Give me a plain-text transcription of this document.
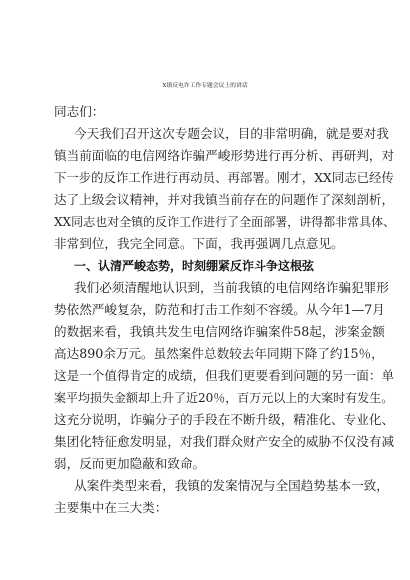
X镇反电诈工作专题会议上的讲话
同志们：
今天我们召开这次专题会议，目的非常明确，就是要对我
镇当前面临的电信网络诈骗严峻形势进行再分析、再研判，对
下一步的反诈工作进行再动员、再部署。刚才，XX同志已经传
达了上级会议精神，并对我镇当前存在的问题作了深刻剖析，
XX同志也对全镇的反诈工作进行了全面部署，讲得都非常具体、
非常到位，我完全同意。下面，我再强调几点意见。
一、认清严峻态势，时刻绷紧反诈斗争这根弦
我们必须清醒地认识到，当前我镇的电信网络诈骗犯罪形
势依然严峻复杂，防范和打击工作刻不容缓。从今年1—7月
的数据来看，我镇共发生电信网络诈骗案件58起，涉案金额
高达890余万元。虽然案件总数较去年同期下降了约15％，
这是一个值得肯定的成绩，但我们更要看到问题的另一面：单
案平均损失金额却上升了近20％，百万元以上的大案时有发生。
这充分说明，诈骗分子的手段在不断升级，精准化、专业化、
集团化特征愈发明显，对我们群众财产安全的威胁不仅没有减
弱，反而更加隐蔽和致命。
从案件类型来看，我镇的发案情况与全国趋势基本一致，
主要集中在三大类：
